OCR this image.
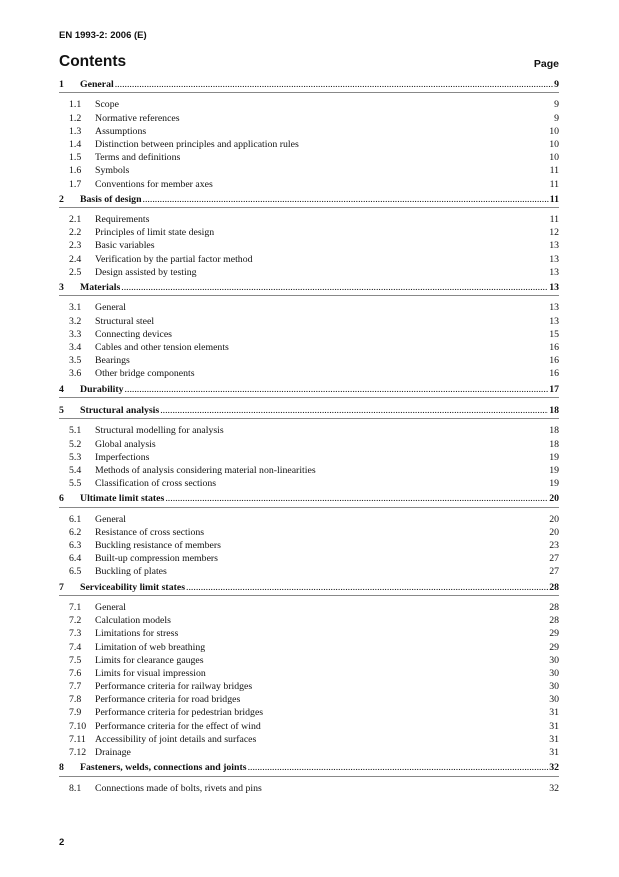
EN 1993-2: 2006 (E)
Contents	Page
1	General .....	9
1.1	Scope	9
1.2	Normative references	9
1.3	Assumptions	10
1.4	Distinction between principles and application rules	10
1.5	Terms and definitions	10
1.6	Symbols	11
1.7	Conventions for member axes	11
2	Basis of design .....	11
2.1	Requirements	11
2.2	Principles of limit state design	12
2.3	Basic variables	13
2.4	Verification by the partial factor method	13
2.5	Design assisted by testing	13
3	Materials .....	13
3.1	General	13
3.2	Structural steel	13
3.3	Connecting devices	15
3.4	Cables and other tension elements	16
3.5	Bearings	16
3.6	Other bridge components	16
4	Durability .....	17
5	Structural analysis .....	18
5.1	Structural modelling for analysis	18
5.2	Global analysis	18
5.3	Imperfections	19
5.4	Methods of analysis considering material non-linearities	19
5.5	Classification of cross sections	19
6	Ultimate limit states .....	20
6.1	General	20
6.2	Resistance of cross sections	20
6.3	Buckling resistance of members	23
6.4	Built-up compression members	27
6.5	Buckling of plates	27
7	Serviceability limit states .....	28
7.1	General	28
7.2	Calculation models	28
7.3	Limitations for stress	29
7.4	Limitation of web breathing	29
7.5	Limits for clearance gauges	30
7.6	Limits for visual impression	30
7.7	Performance criteria for railway bridges	30
7.8	Performance criteria for road bridges	30
7.9	Performance criteria for pedestrian bridges	31
7.10 Performance criteria for the effect of wind	31
7.11 Accessibility of joint details and surfaces	31
7.12 Drainage	31
8	Fasteners, welds, connections and joints .....	32
8.1	Connections made of bolts, rivets and pins	32
2
